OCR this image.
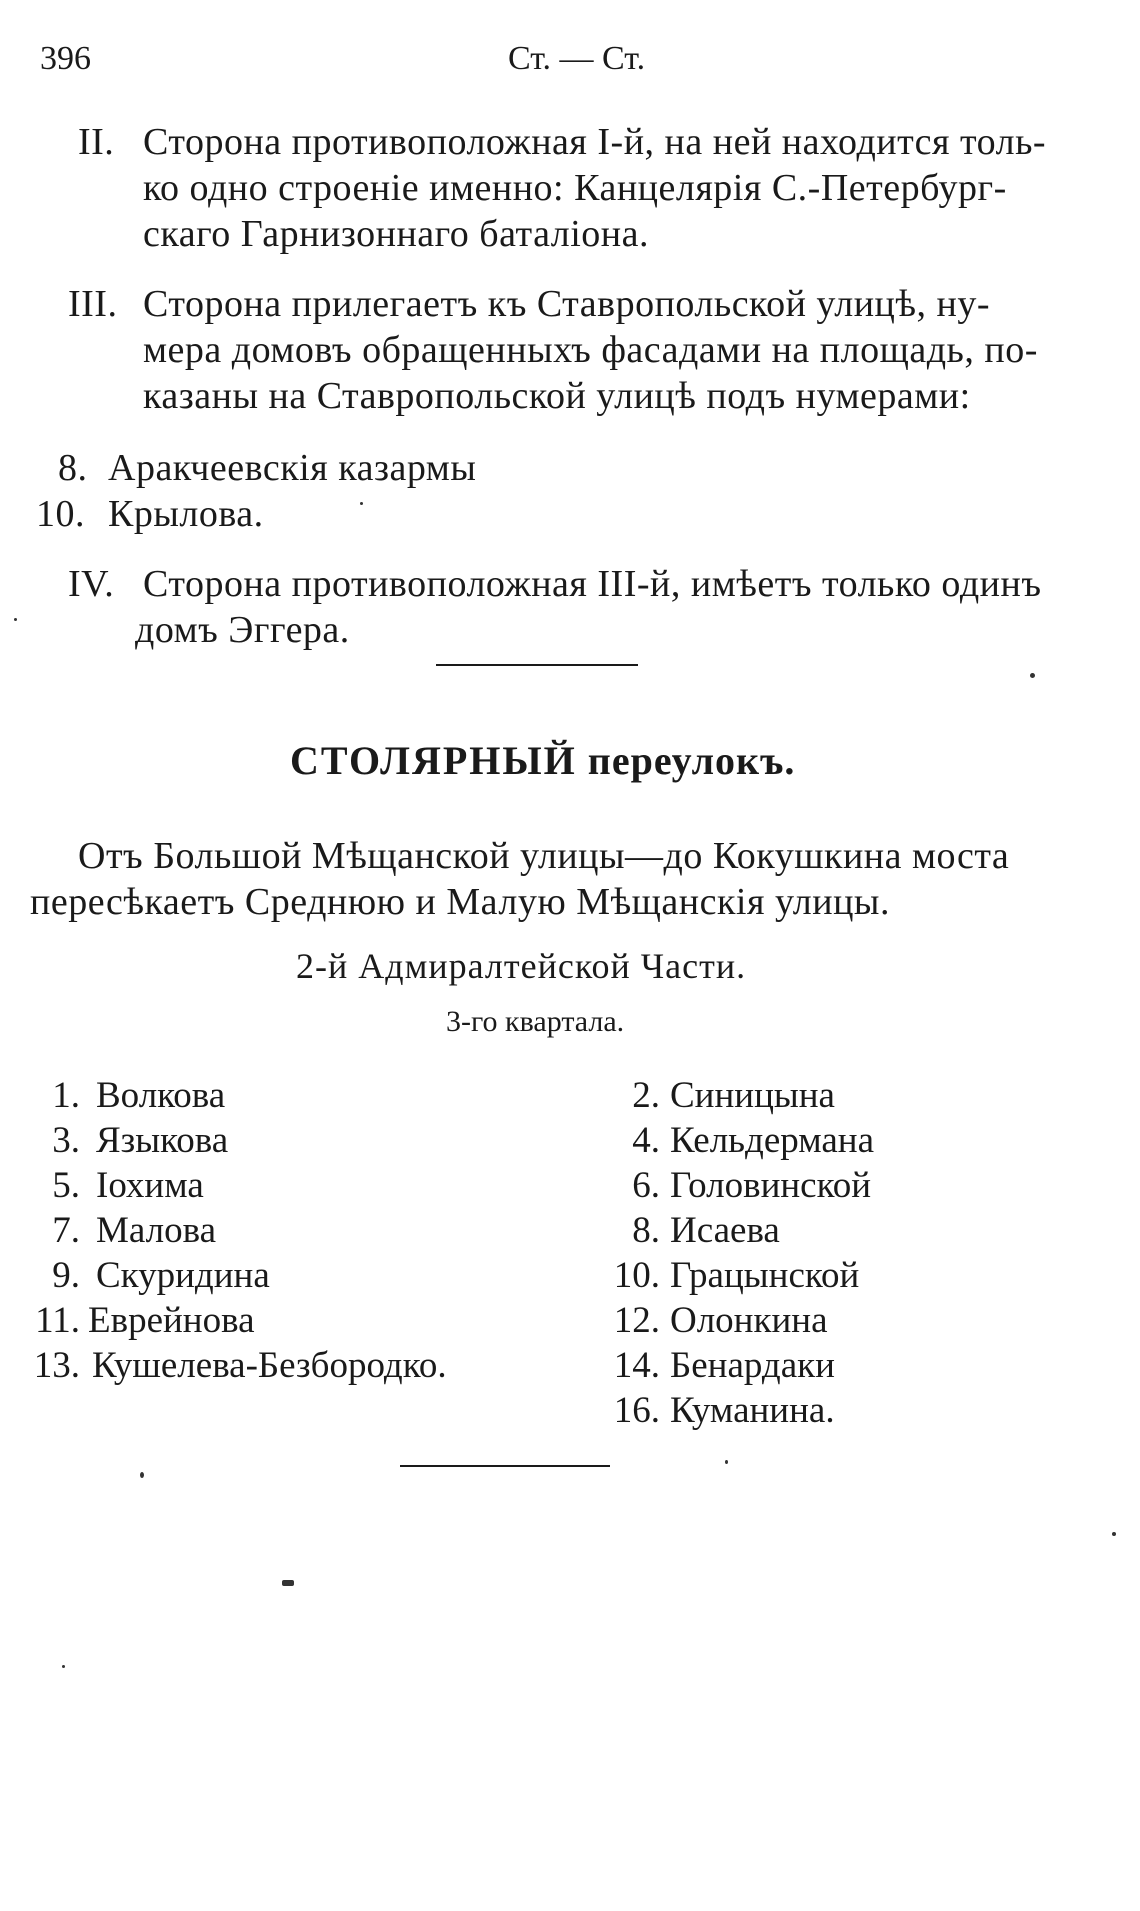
396	Ст. — Ст.
II. Сторона противоположная I-й, на ней находится толь-
ко одно строеніе именно: Канцелярія С.-Петербург-
скаго Гарнизоннаго баталіона.
III. Сторона прилегаетъ къ Ставропольской улицѣ, ну-
мера домовъ обращенныхъ фасадами на площадь, по-
казаны на Ставропольской улицѣ подъ нумерами:
8. Аракчеевскія казармы
10. Крылова.
IV. Сторона противоположная III-й, имѣетъ только одинъ
домъ Эггера.
СТОЛЯРНЫЙ переулокъ.
Отъ Большой Мѣщанской улицы—до Кокушкина моста
пересѣкаетъ Среднюю и Малую Мѣщанскія улицы.
2-й Адмиралтейской Части.
3-го квартала.
1. Волкова
3. Языкова
5. Іохима
7. Малова
9. Скуридина
11. Еврейнова
13. Кушелева-Безбородко.
2. Синицына
4. Кельдермана
6. Головинской
8. Исаева
10. Грацынской
12. Олонкина
14. Бенардаки
16. Куманина.
